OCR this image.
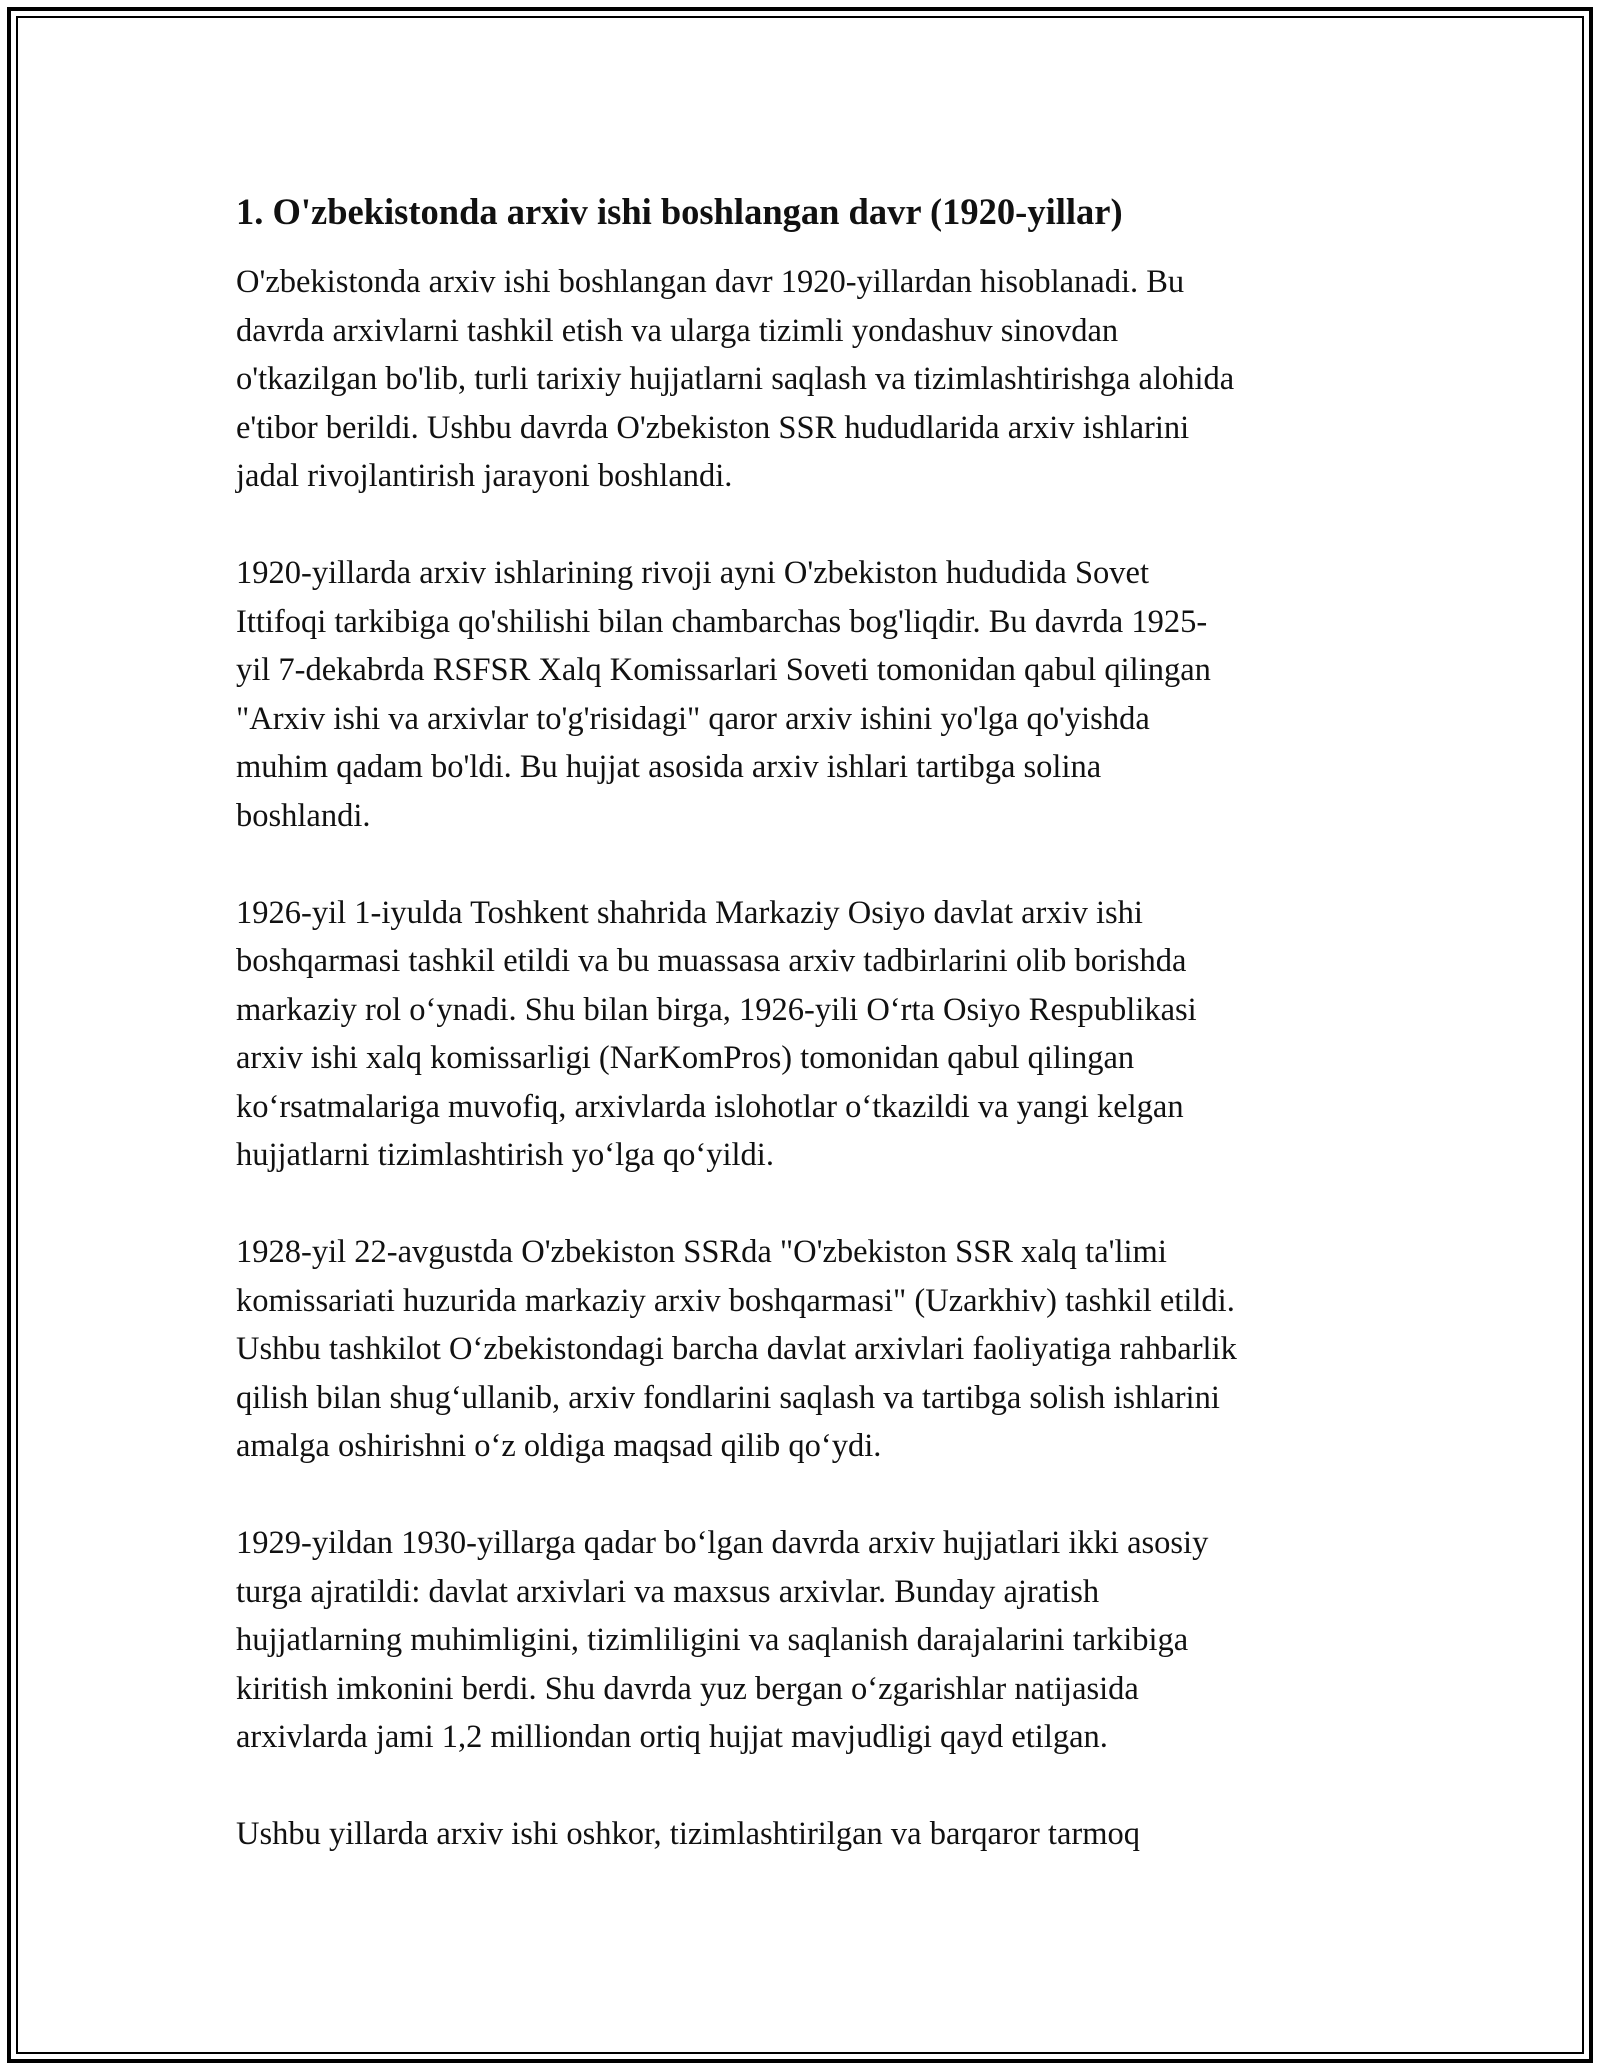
1. O'zbekistonda arxiv ishi boshlangan davr (1920-yillar)

O'zbekistonda arxiv ishi boshlangan davr 1920-yillardan hisoblanadi. Bu
davrda arxivlarni tashkil etish va ularga tizimli yondashuv sinovdan
o'tkazilgan bo'lib, turli tarixiy hujjatlarni saqlash va tizimlashtirishga alohida
e'tibor berildi. Ushbu davrda O'zbekiston SSR hududlarida arxiv ishlarini
jadal rivojlantirish jarayoni boshlandi.

1920-yillarda arxiv ishlarining rivoji ayni O'zbekiston hududida Sovet
Ittifoqi tarkibiga qo'shilishi bilan chambarchas bog'liqdir. Bu davrda 1925-
yil 7-dekabrda RSFSR Xalq Komissarlari Soveti tomonidan qabul qilingan
"Arxiv ishi va arxivlar to'g'risidagi" qaror arxiv ishini yo'lga qo'yishda
muhim qadam bo'ldi. Bu hujjat asosida arxiv ishlari tartibga solina
boshlandi.

1926-yil 1-iyulda Toshkent shahrida Markaziy Osiyo davlat arxiv ishi
boshqarmasi tashkil etildi va bu muassasa arxiv tadbirlarini olib borishda
markaziy rol o‘ynadi. Shu bilan birga, 1926-yili O‘rta Osiyo Respublikasi
arxiv ishi xalq komissarligi (NarKomPros) tomonidan qabul qilingan
ko‘rsatmalariga muvofiq, arxivlarda islohotlar o‘tkazildi va yangi kelgan
hujjatlarni tizimlashtirish yo‘lga qo‘yildi.

1928-yil 22-avgustda O'zbekiston SSRda "O'zbekiston SSR xalq ta'limi
komissariati huzurida markaziy arxiv boshqarmasi" (Uzarkhiv) tashkil etildi.
Ushbu tashkilot O‘zbekistondagi barcha davlat arxivlari faoliyatiga rahbarlik
qilish bilan shug‘ullanib, arxiv fondlarini saqlash va tartibga solish ishlarini
amalga oshirishni o‘z oldiga maqsad qilib qo‘ydi.

1929-yildan 1930-yillarga qadar bo‘lgan davrda arxiv hujjatlari ikki asosiy
turga ajratildi: davlat arxivlari va maxsus arxivlar. Bunday ajratish
hujjatlarning muhimligini, tizimliligini va saqlanish darajalarini tarkibiga
kiritish imkonini berdi. Shu davrda yuz bergan o‘zgarishlar natijasida
arxivlarda jami 1,2 milliondan ortiq hujjat mavjudligi qayd etilgan.

Ushbu yillarda arxiv ishi oshkor, tizimlashtirilgan va barqaror tarmoq
